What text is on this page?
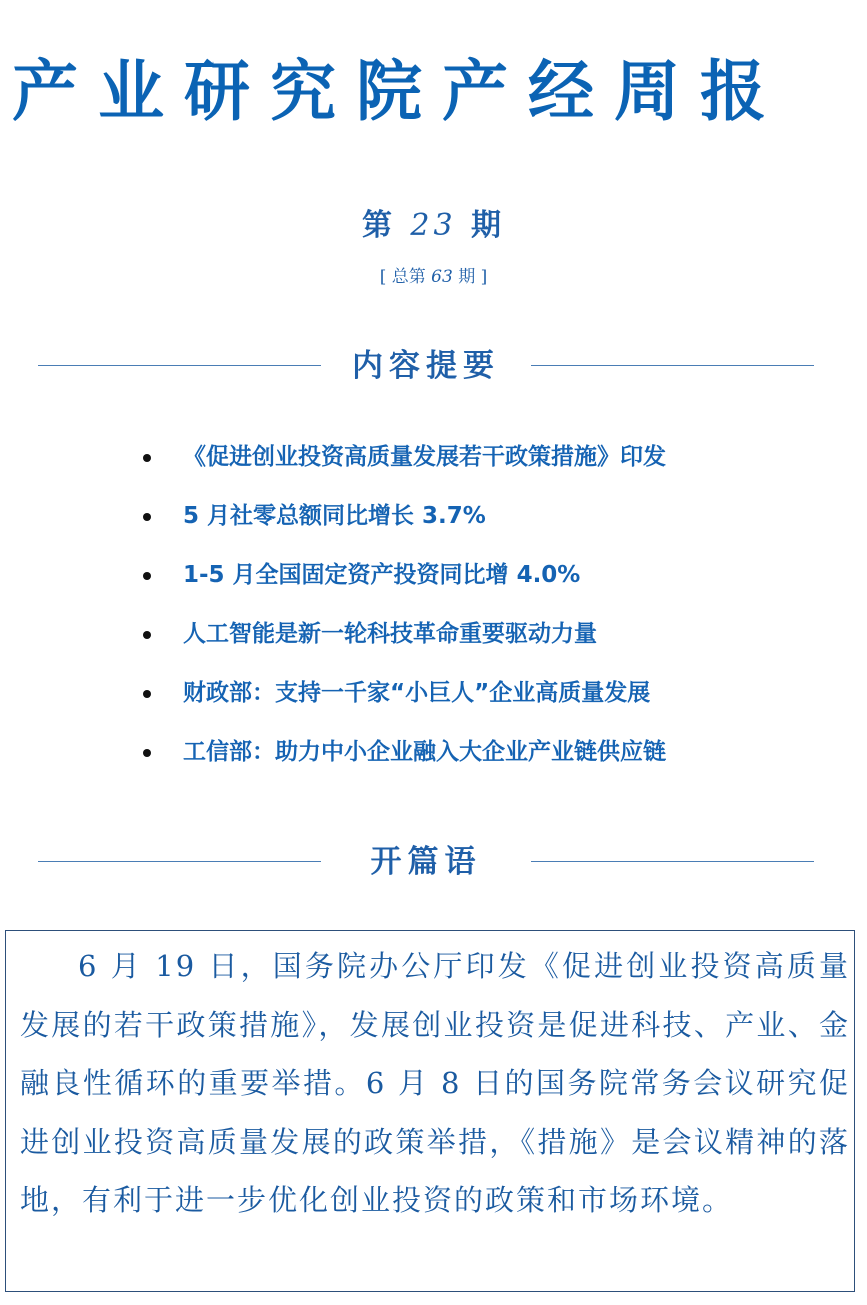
产业研究院产经周报
第 23 期
[ 总第 63 期 ]
内容提要
《促进创业投资高质量发展若干政策措施》印发
5 月社零总额同比增长 3.7%
1-5 月全国固定资产投资同比增 4.0%
人工智能是新一轮科技革命重要驱动力量
财政部：支持一千家“小巨人”企业高质量发展
工信部：助力中小企业融入大企业产业链供应链
开篇语

6 月 19 日，国务院办公厅印发《促进创业投资高质量发展的若干政策措施》，发展创业投资是促进科技、产业、金融良性循环的重要举措。6 月 8 日的国务院常务会议研究促进创业投资高质量发展的政策举措，《措施》是会议精神的落地，有利于进一步优化创业投资的政策和市场环境。
